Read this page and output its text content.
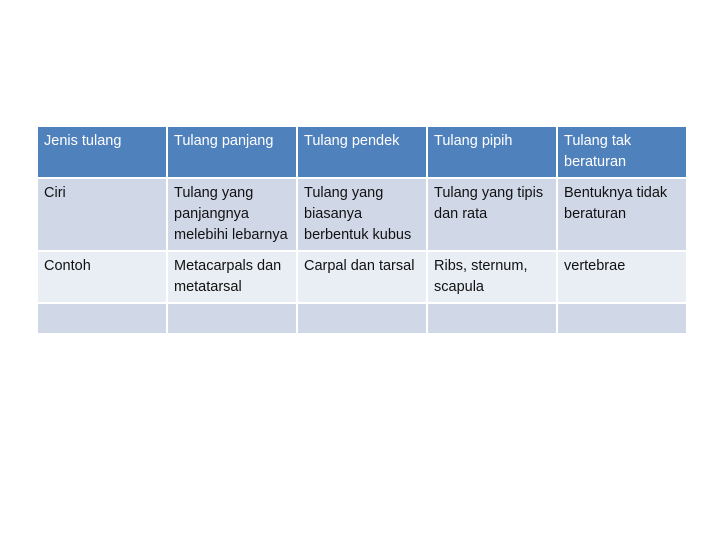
Jenis tulang	Tulang panjang	Tulang pendek	Tulang pipih	Tulang tak beraturan
Ciri	Tulang yang panjangnya melebihi lebarnya	Tulang yang biasanya berbentuk kubus	Tulang yang tipis dan rata	Bentuknya tidak beraturan
Contoh	Metacarpals dan metatarsal	Carpal dan tarsal	Ribs, sternum, scapula	vertebrae
